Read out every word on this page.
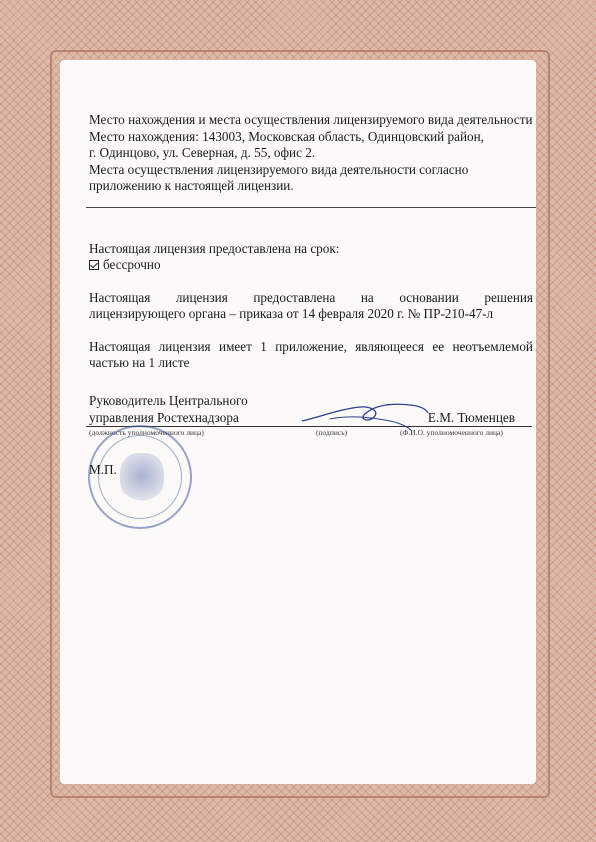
Место нахождения и места осуществления лицензируемого вида деятельности

Место нахождения: 143003, Московская область, Одинцовский район,

г. Одинцово, ул. Северная, д. 55, офис 2.

Места осуществления лицензируемого вида деятельности согласно

приложению к настоящей лицензии.

Настоящая лицензия предоставлена на срок:

бессрочно

Настоящая лицензия предоставлена на основании решения

лицензирующего органа – приказа от 14 февраля 2020 г. № ПР-210-47-л

Настоящая лицензия имеет 1 приложение, являющееся ее неотъемлемой

частью на 1 листе

Руководитель Центрального

управления Ростехнадзора	Е.М. Тюменцев
(должность уполномоченного лица)	(подпись)	(Ф.И.О. уполномоченного лица)
М.П.
